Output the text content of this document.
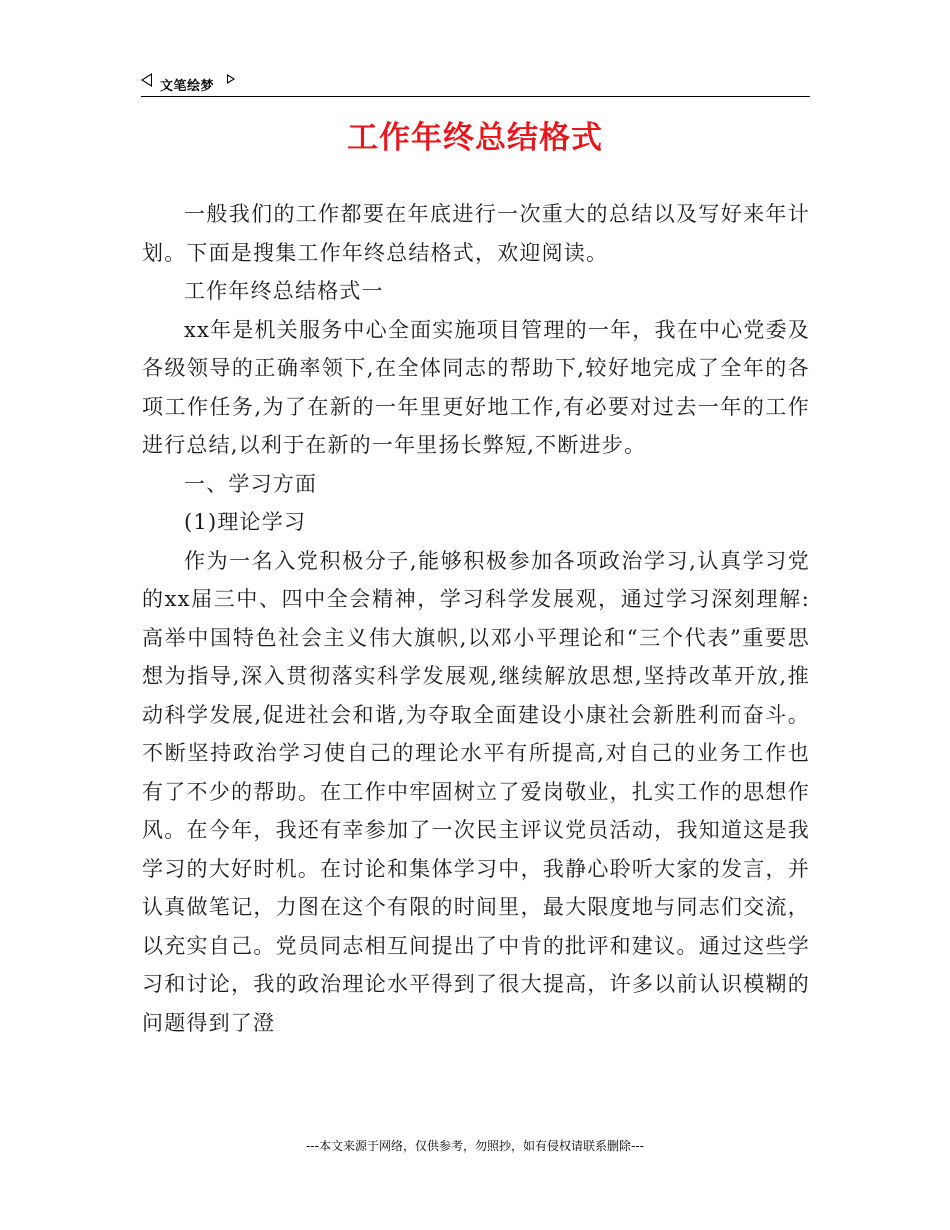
文笔绘梦
工作年终总结格式

一般我们的工作都要在年底进行一次重大的总结以及写好来年计划。下面是搜集工作年终总结格式，欢迎阅读。

工作年终总结格式一

xx年是机关服务中心全面实施项目管理的一年，我在中心党委及各级领导的正确率领下,在全体同志的帮助下,较好地完成了全年的各项工作任务,为了在新的一年里更好地工作,有必要对过去一年的工作进行总结,以利于在新的一年里扬长弊短,不断进步。

一、学习方面

(1)理论学习

作为一名入党积极分子,能够积极参加各项政治学习,认真学习党的xx届三中、四中全会精神，学习科学发展观，通过学习深刻理解:高举中国特色社会主义伟大旗帜,以邓小平理论和“三个代表”重要思想为指导,深入贯彻落实科学发展观,继续解放思想,坚持改革开放,推动科学发展,促进社会和谐,为夺取全面建设小康社会新胜利而奋斗。不断坚持政治学习使自己的理论水平有所提高,对自己的业务工作也有了不少的帮助。在工作中牢固树立了爱岗敬业，扎实工作的思想作风。在今年，我还有幸参加了一次民主评议党员活动，我知道这是我学习的大好时机。在讨论和集体学习中，我静心聆听大家的发言，并认真做笔记，力图在这个有限的时间里，最大限度地与同志们交流，以充实自己。党员同志相互间提出了中肯的批评和建议。通过这些学习和讨论，我的政治理论水平得到了很大提高，许多以前认识模糊的问题得到了澄

---本文来源于网络，仅供参考，勿照抄，如有侵权请联系删除---
